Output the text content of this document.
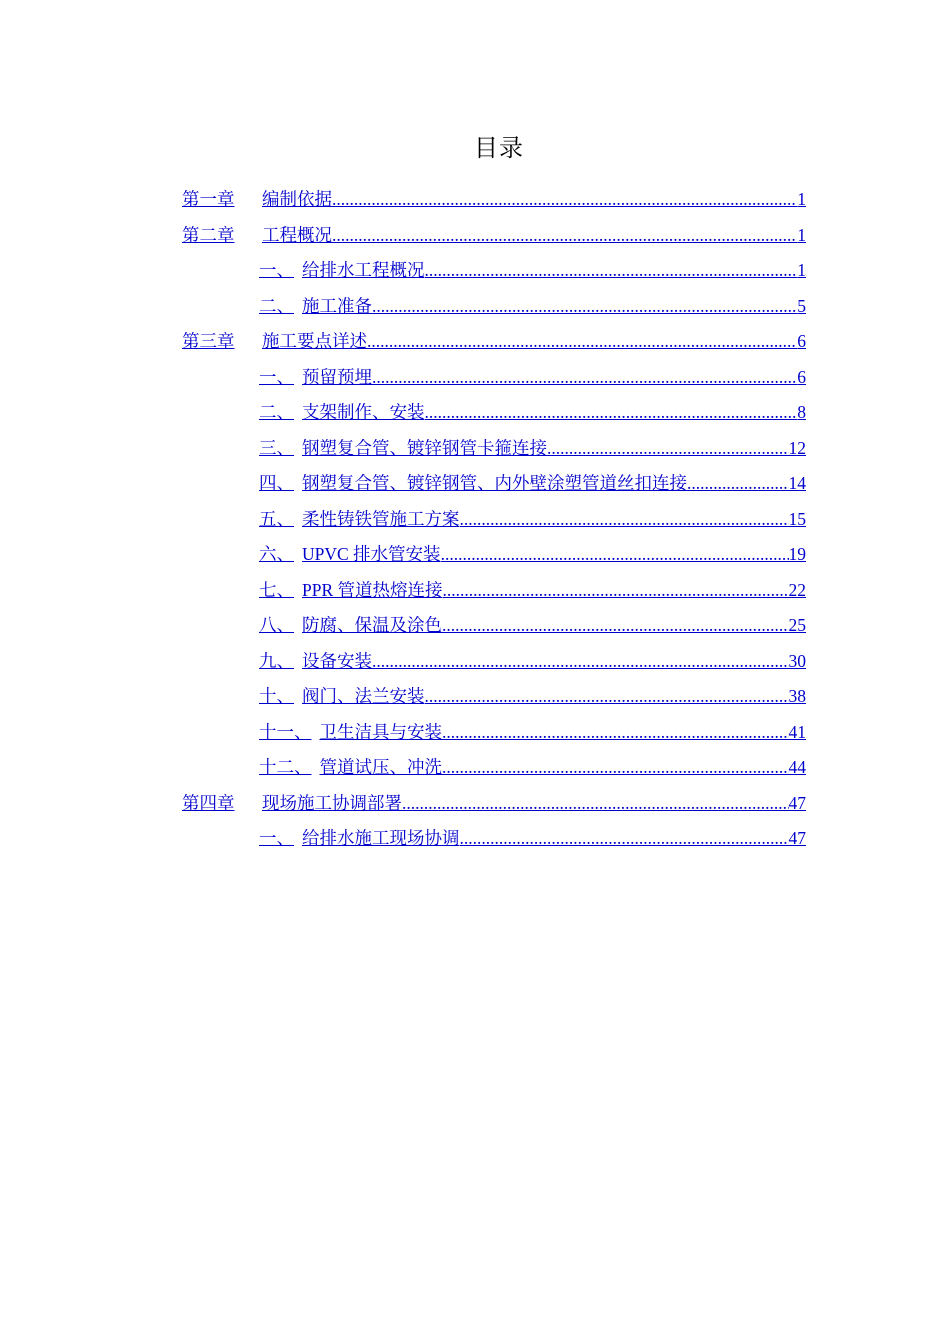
目录
第一章	编制依据 .....	1
第二章	工程概况 .....	1
一、 给排水工程概况 .....	1
二、 施工准备 .....	5
第三章	施工要点详述 .....	6
一、 预留预埋 .....	6
二、 支架制作、安装 .....	8
三、 钢塑复合管、镀锌钢管卡箍连接 .....	12
四、 钢塑复合管、镀锌钢管、内外壁涂塑管道丝扣连接 .....	14
五、 柔性铸铁管施工方案 .....	15
六、 UPVC 排水管安装 .....	19
七、 PPR 管道热熔连接 .....	22
八、 防腐、保温及涂色 .....	25
九、 设备安装 .....	30
十、 阀门、法兰安装 .....	38
十一、 卫生洁具与安装 .....	41
十二、 管道试压、冲洗 .....	44
第四章	现场施工协调部署 .....	47
一、 给排水施工现场协调 .....	47
